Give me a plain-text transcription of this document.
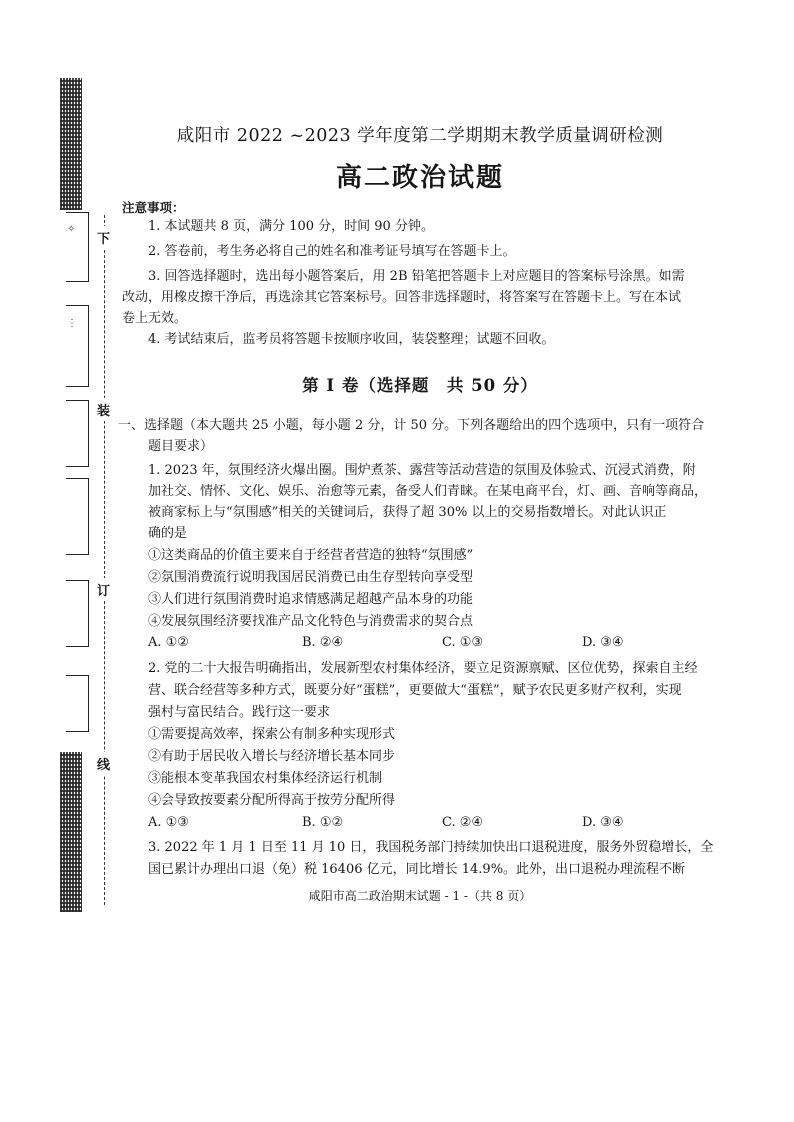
✧
⋮
下
装
订
线
咸阳市 2022 ~2023 学年度第二学期期末教学质量调研检测
高二政治试题
注意事项：
1. 本试题共 8 页，满分 100 分，时间 90 分钟。
2. 答卷前，考生务必将自己的姓名和准考证号填写在答题卡上。
3. 回答选择题时，选出每小题答案后，用 2B 铅笔把答题卡上对应题目的答案标号涂黑。如需
改动，用橡皮擦干净后，再选涂其它答案标号。回答非选择题时，将答案写在答题卡上。写在本试
卷上无效。
4. 考试结束后，监考员将答题卡按顺序收回，装袋整理；试题不回收。
第 Ⅰ 卷（选择题　共 50 分）
一、选择题（本大题共 25 小题，每小题 2 分，计 50 分。下列各题给出的四个选项中，只有一项符合
题目要求）
1. 2023 年，氛围经济火爆出圈。围炉煮茶、露营等活动营造的氛围及体验式、沉浸式消费，附
加社交、情怀、文化、娱乐、治愈等元素，备受人们青睐。在某电商平台，灯、画、音响等商品，
被商家标上与“氛围感”相关的关键词后，获得了超 30% 以上的交易指数增长。对此认识正
确的是
①这类商品的价值主要来自于经营者营造的独特“氛围感”
②氛围消费流行说明我国居民消费已由生存型转向享受型
③人们进行氛围消费时追求情感满足超越产品本身的功能
④发展氛围经济要找准产品文化特色与消费需求的契合点
A. ①②	B. ②④	C. ①③	D. ③④
2. 党的二十大报告明确指出，发展新型农村集体经济，要立足资源禀赋、区位优势，探索自主经
营、联合经营等多种方式，既要分好“蛋糕”，更要做大“蛋糕”，赋予农民更多财产权利，实现
强村与富民结合。践行这一要求
①需要提高效率，探索公有制多种实现形式
②有助于居民收入增长与经济增长基本同步
③能根本变革我国农村集体经济运行机制
④会导致按要素分配所得高于按劳分配所得
A. ①③	B. ①②	C. ②④	D. ③④
3. 2022 年 1 月 1 日至 11 月 10 日，我国税务部门持续加快出口退税进度，服务外贸稳增长，全
国已累计办理出口退（免）税 16406 亿元，同比增长 14.9%。此外，出口退税办理流程不断
咸阳市高二政治期末试题 - 1 -（共 8 页）
